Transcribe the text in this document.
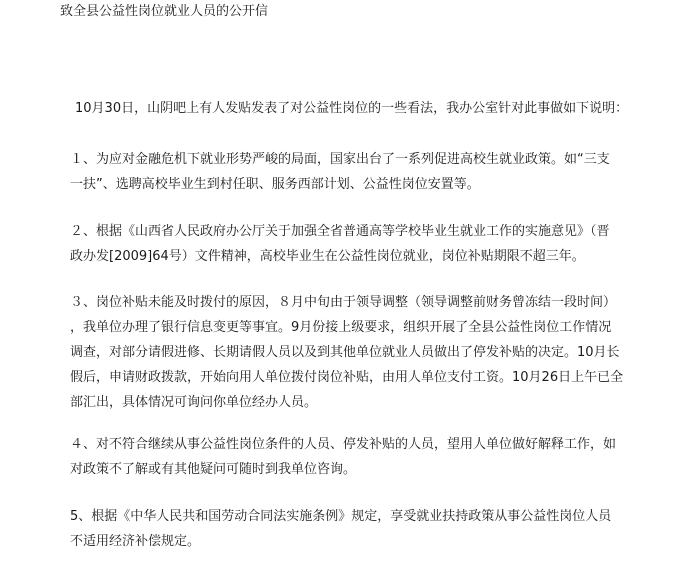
致全县公益性岗位就业人员的公开信

10月30日，山阴吧上有人发贴发表了对公益性岗位的一些看法，我办公室针对此事做如下说明：

１、为应对金融危机下就业形势严峻的局面，国家出台了一系列促进高校生就业政策。如“三支
一扶”、选聘高校毕业生到村任职、服务西部计划、公益性岗位安置等。

２、根据《山西省人民政府办公厅关于加强全省普通高等学校毕业生就业工作的实施意见》（晋
政办发[2009]64号）文件精神，高校毕业生在公益性岗位就业，岗位补贴期限不超三年。

３、岗位补贴未能及时拨付的原因，８月中旬由于领导调整（领导调整前财务曾冻结一段时间）
，我单位办理了银行信息变更等事宜。9月份接上级要求，组织开展了全县公益性岗位工作情况
调查，对部分请假进修、长期请假人员以及到其他单位就业人员做出了停发补贴的决定。10月长
假后，申请财政拨款，开始向用人单位拨付岗位补贴，由用人单位支付工资。10月26日上午已全
部汇出，具体情况可询问你单位经办人员。

４、对不符合继续从事公益性岗位条件的人员、停发补贴的人员，望用人单位做好解释工作，如
对政策不了解或有其他疑问可随时到我单位咨询。

5、根据《中华人民共和国劳动合同法实施条例》规定，享受就业扶持政策从事公益性岗位人员
不适用经济补偿规定。
